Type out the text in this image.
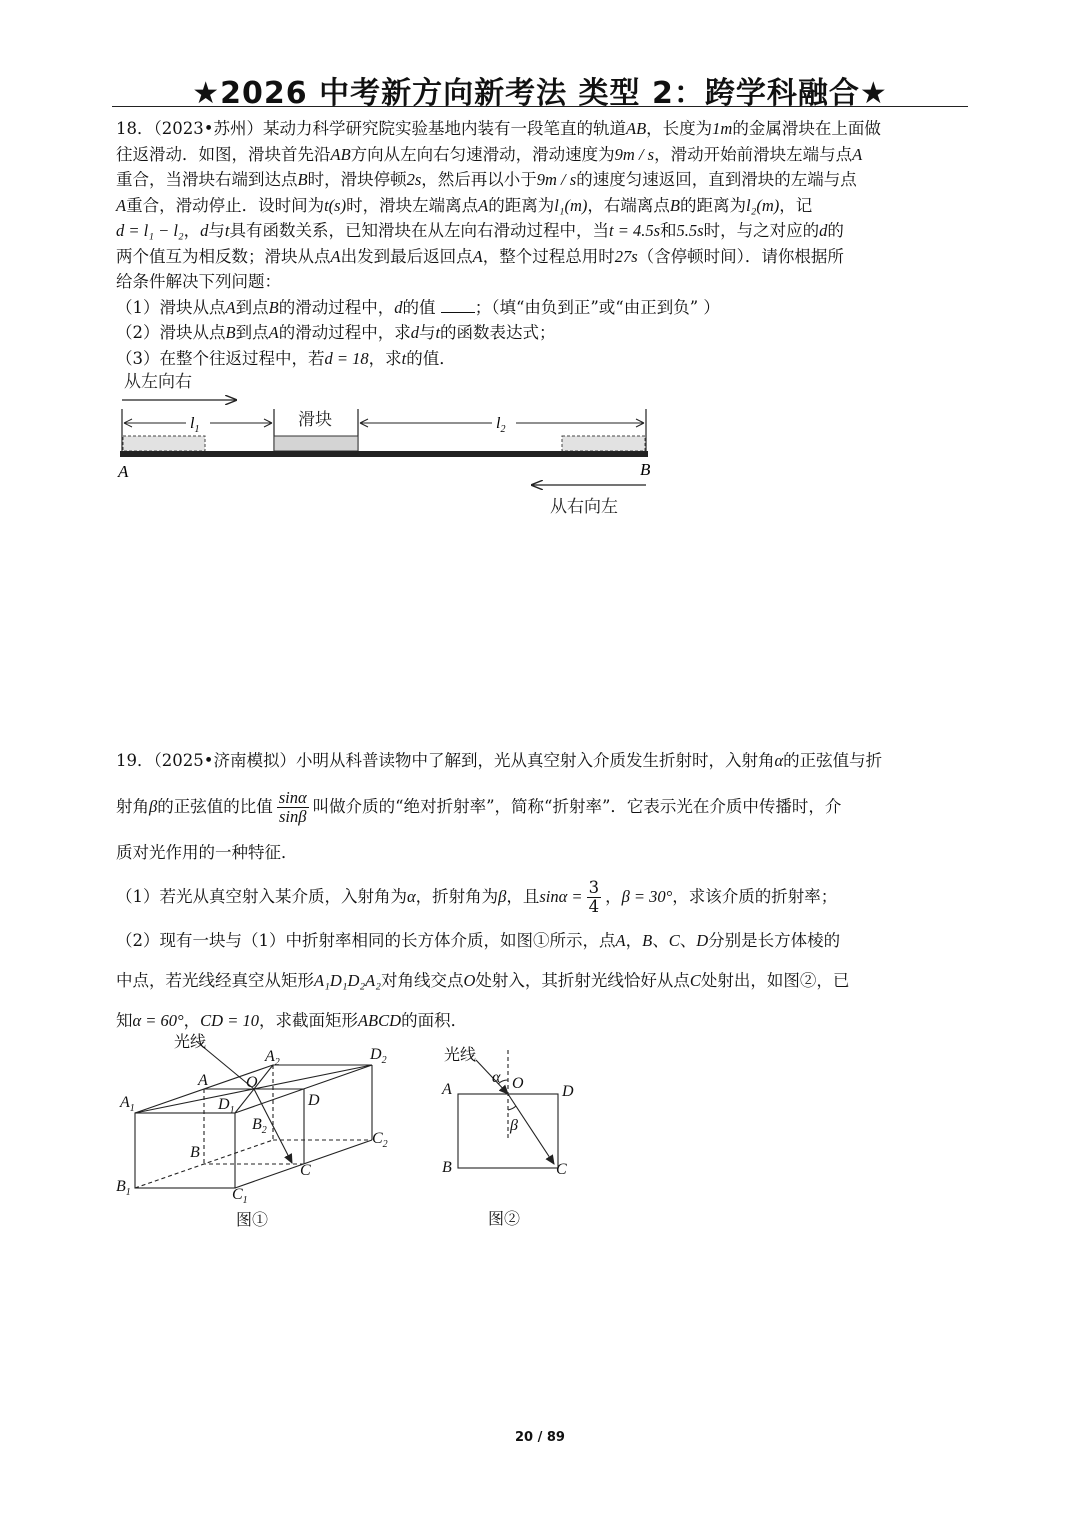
★2026 中考新方向新考法 类型 2：跨学科融合★

18．（2023•苏州）某动力科学研究院实验基地内装有一段笔直的轨道AB，长度为1m的金属滑块在上面做

往返滑动．如图，滑块首先沿AB方向从左向右匀速滑动，滑动速度为9m / s，滑动开始前滑块左端与点A

重合，当滑块右端到达点B时，滑块停顿2s，然后再以小于9m / s的速度匀速返回，直到滑块的左端与点

A重合，滑动停止．设时间为t(s)时，滑块左端离点A的距离为l₁(m)，右端离点B的距离为l₂(m)，记

d = l₁ − l₂，d与t具有函数关系，已知滑块在从左向右滑动过程中，当t = 4.5s和5.5s时，与之对应的d的

两个值互为相反数；滑块从点A出发到最后返回点A，整个过程总用时27s（含停顿时间）．请你根据所

给条件解决下列问题：

（1）滑块从点A到点B的滑动过程中，d的值 ；（填“由负到正”或“由正到负” ）

（2）滑块从点B到点A的滑动过程中，求d与t的函数表达式；

（3）在整个往返过程中，若d = 18，求t的值．

从左向右
$l_1$	$l_2$
滑块
A	B
从右向左

19．（2025•济南模拟）小明从科普读物中了解到，光从真空射入介质发生折射时，入射角α的正弦值与折

射角β的正弦值的比值 $\frac{\sin\alpha}{\sin\beta}$ 叫做介质的“绝对折射率”，简称“折射率”．它表示光在介质中传播时，介

质对光作用的一种特征．

（1）若光从真空射入某介质，入射角为α，折射角为β，且$\sin\alpha = \frac{3}{4}$ ，β = 30°，求该介质的折射率；

（2）现有一块与（1）中折射率相同的长方体介质，如图①所示，点A，B、C、D分别是长方体棱的

中点，若光线经真空从矩形A₁D₁D₂A₂对角线交点O处射入，其折射光线恰好从点C处射出，如图②，已

知α = 60°，CD = 10，求截面矩形ABCD的面积．

光线
$A_1$
$A_2$	$D_2$
A O
$D_1$
D
$B_2$	$C_2$
B
C
$B_1$	$C_1$
图①
光线
α
β
A	O D
B	C
图②
20 / 89
